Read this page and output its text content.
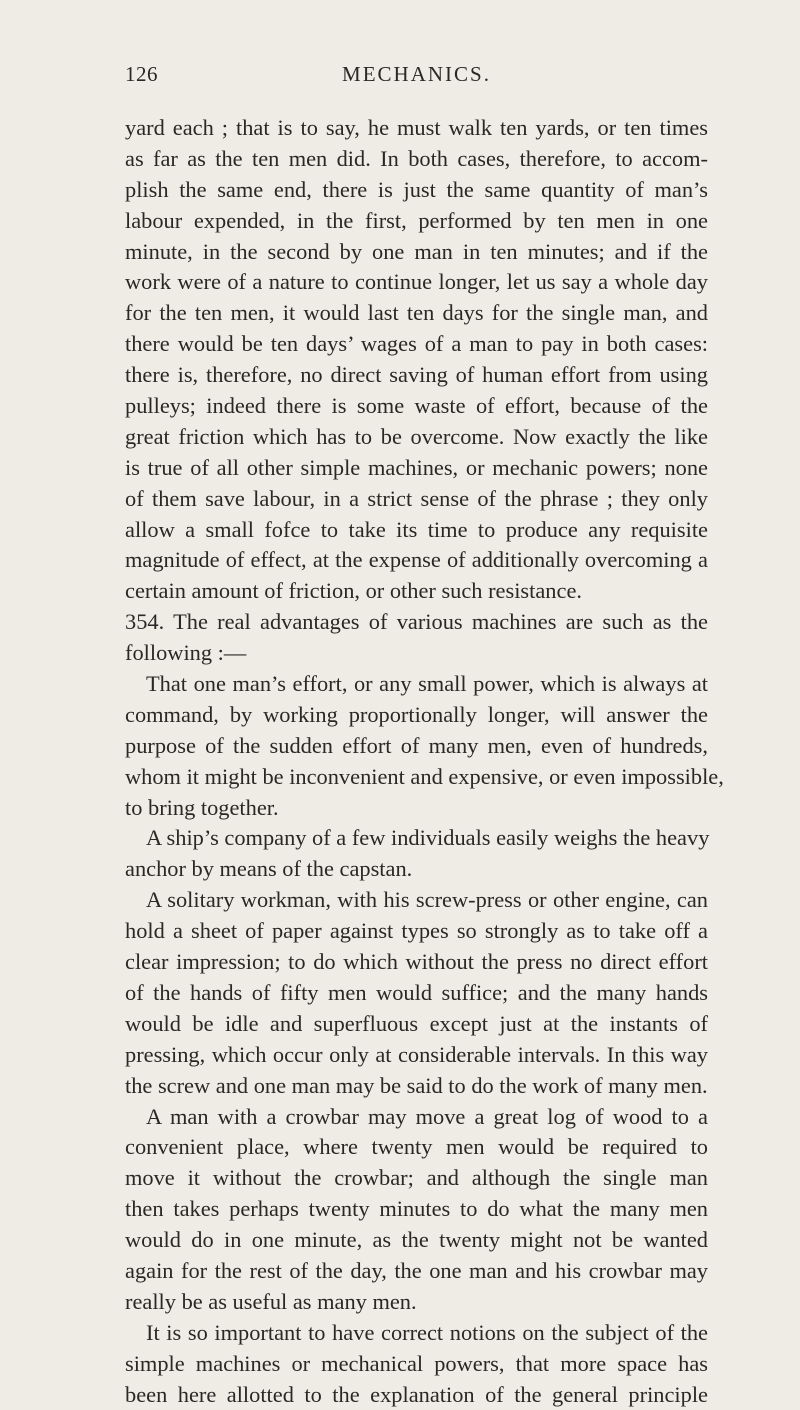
126	MECHANICS.
yard each ; that is to say, he must walk ten yards, or ten times
as far as the ten men did. In both cases, therefore, to accom-
plish the same end, there is just the same quantity of man’s
labour expended, in the first, performed by ten men in one
minute, in the second by one man in ten minutes; and if the
work were of a nature to continue longer, let us say a whole day
for the ten men, it would last ten days for the single man, and
there would be ten days’ wages of a man to pay in both cases:
there is, therefore, no direct saving of human effort from using
pulleys; indeed there is some waste of effort, because of the
great friction which has to be overcome. Now exactly the like
is true of all other simple machines, or mechanic powers; none
of them save labour, in a strict sense of the phrase ; they only
allow a small fofce to take its time to produce any requisite
magnitude of effect, at the expense of additionally overcoming a
certain amount of friction, or other such resistance.
354. The real advantages of various machines are such as the
following :—
That one man’s effort, or any small power, which is always at
command, by working proportionally longer, will answer the
purpose of the sudden effort of many men, even of hundreds,
whom it might be inconvenient and expensive, or even impossible,
to bring together.
A ship’s company of a few individuals easily weighs the heavy
anchor by means of the capstan.
A solitary workman, with his screw-press or other engine, can
hold a sheet of paper against types so strongly as to take off a
clear impression; to do which without the press no direct effort
of the hands of fifty men would suffice; and the many hands
would be idle and superfluous except just at the instants of
pressing, which occur only at considerable intervals. In this way
the screw and one man may be said to do the work of many men.
A man with a crowbar may move a great log of wood to a
convenient place, where twenty men would be required to
move it without the crowbar; and although the single man
then takes perhaps twenty minutes to do what the many men
would do in one minute, as the twenty might not be wanted
again for the rest of the day, the one man and his crowbar may
really be as useful as many men.
It is so important to have correct notions on the subject of the
simple machines or mechanical powers, that more space has
been here allotted to the explanation of the general principle
